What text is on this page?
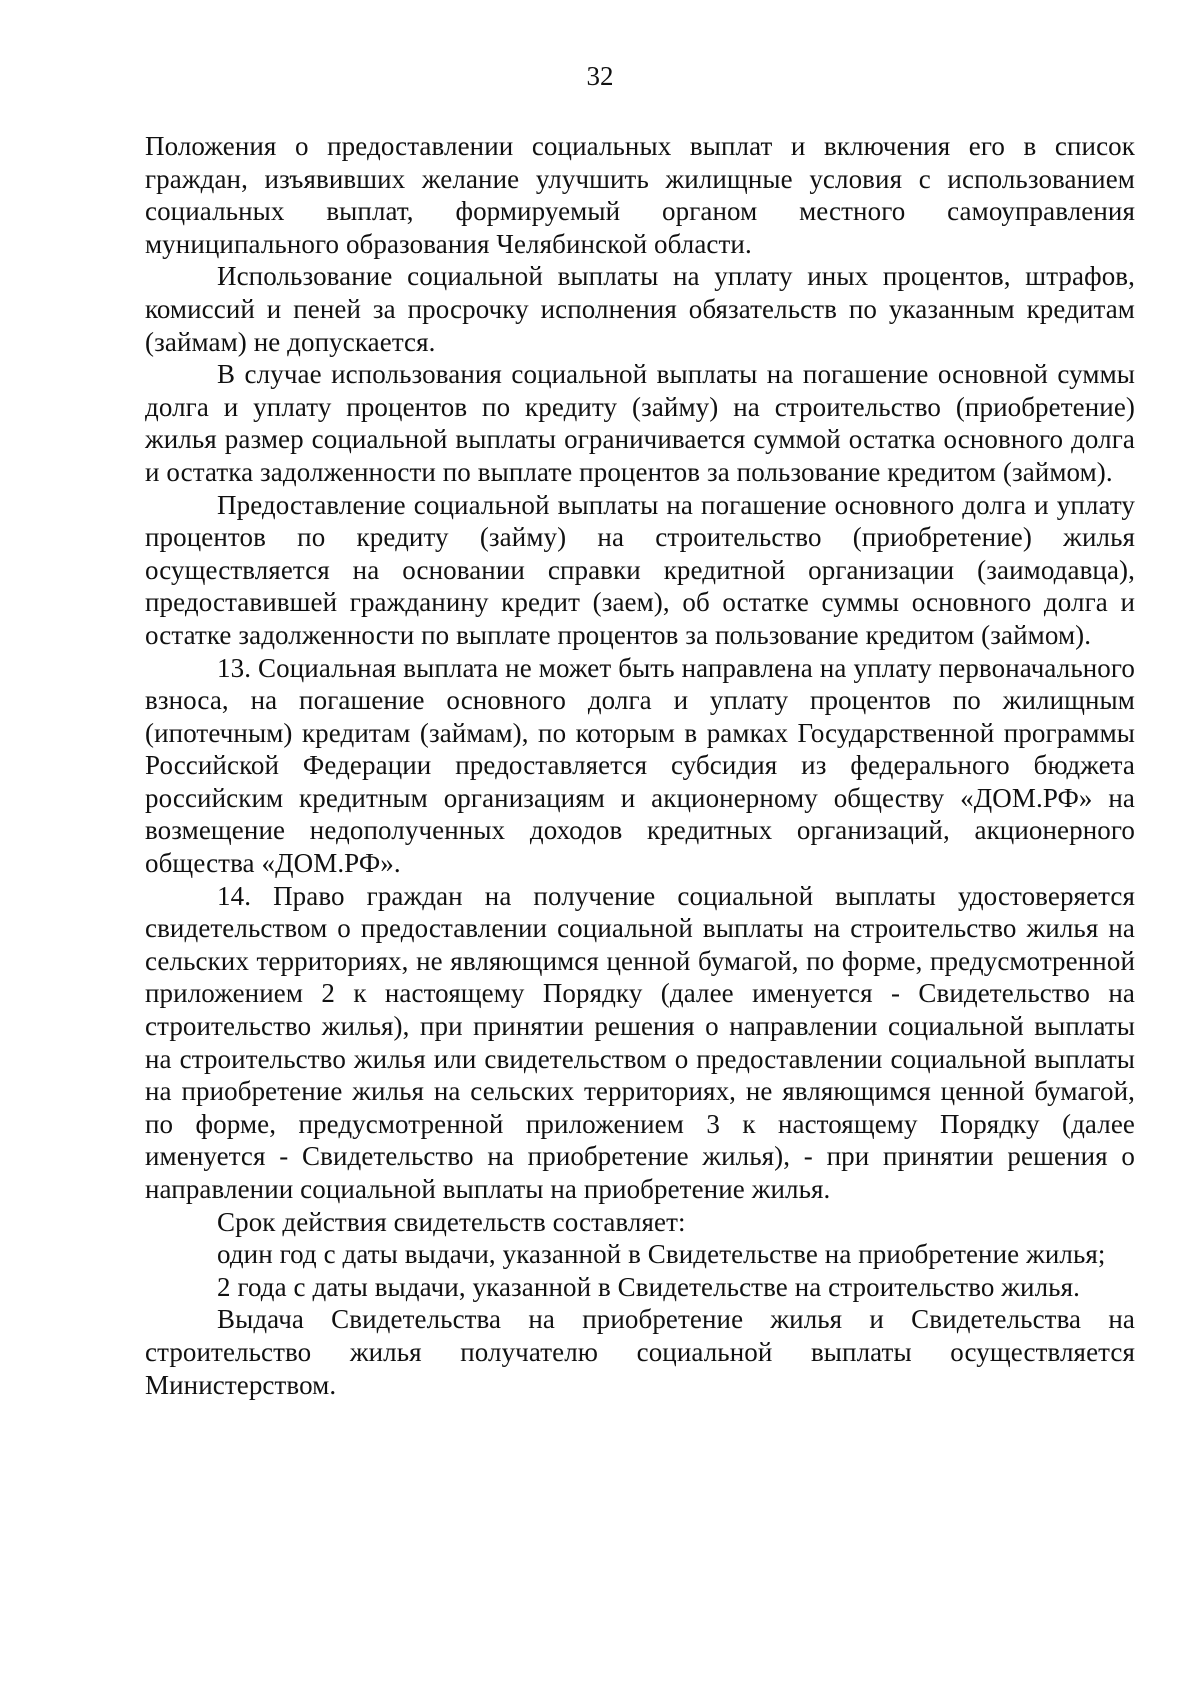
32

Положения о предоставлении социальных выплат и включения его в список граждан, изъявивших желание улучшить жилищные условия с использованием социальных выплат, формируемый органом местного самоуправления муниципального образования Челябинской области.

Использование социальной выплаты на уплату иных процентов, штрафов, комиссий и пеней за просрочку исполнения обязательств по указанным кредитам (займам) не допускается.

В случае использования социальной выплаты на погашение основной суммы долга и уплату процентов по кредиту (займу) на строительство (приобретение) жилья размер социальной выплаты ограничивается суммой остатка основного долга и остатка задолженности по выплате процентов за пользование кредитом (займом).

Предоставление социальной выплаты на погашение основного долга и уплату процентов по кредиту (займу) на строительство (приобретение) жилья осуществляется на основании справки кредитной организации (заимодавца), предоставившей гражданину кредит (заем), об остатке суммы основного долга и остатке задолженности по выплате процентов за пользование кредитом (займом).

13. Социальная выплата не может быть направлена на уплату первоначального взноса, на погашение основного долга и уплату процентов по жилищным (ипотечным) кредитам (займам), по которым в рамках Государственной программы Российской Федерации предоставляется субсидия из федерального бюджета российским кредитным организациям и акционерному обществу «ДОМ.РФ» на возмещение недополученных доходов кредитных организаций, акционерного общества «ДОМ.РФ».

14. Право граждан на получение социальной выплаты удостоверяется свидетельством о предоставлении социальной выплаты на строительство жилья на сельских территориях, не являющимся ценной бумагой, по форме, предусмотренной приложением 2 к настоящему Порядку (далее именуется - Свидетельство на строительство жилья), при принятии решения о направлении социальной выплаты на строительство жилья или свидетельством о предоставлении социальной выплаты на приобретение жилья на сельских территориях, не являющимся ценной бумагой, по форме, предусмотренной приложением 3 к настоящему Порядку (далее именуется - Свидетельство на приобретение жилья), - при принятии решения о направлении социальной выплаты на приобретение жилья.

Срок действия свидетельств составляет:

один год с даты выдачи, указанной в Свидетельстве на приобретение жилья;

2 года с даты выдачи, указанной в Свидетельстве на строительство жилья.

Выдача Свидетельства на приобретение жилья и Свидетельства на строительство жилья получателю социальной выплаты осуществляется Министерством.
